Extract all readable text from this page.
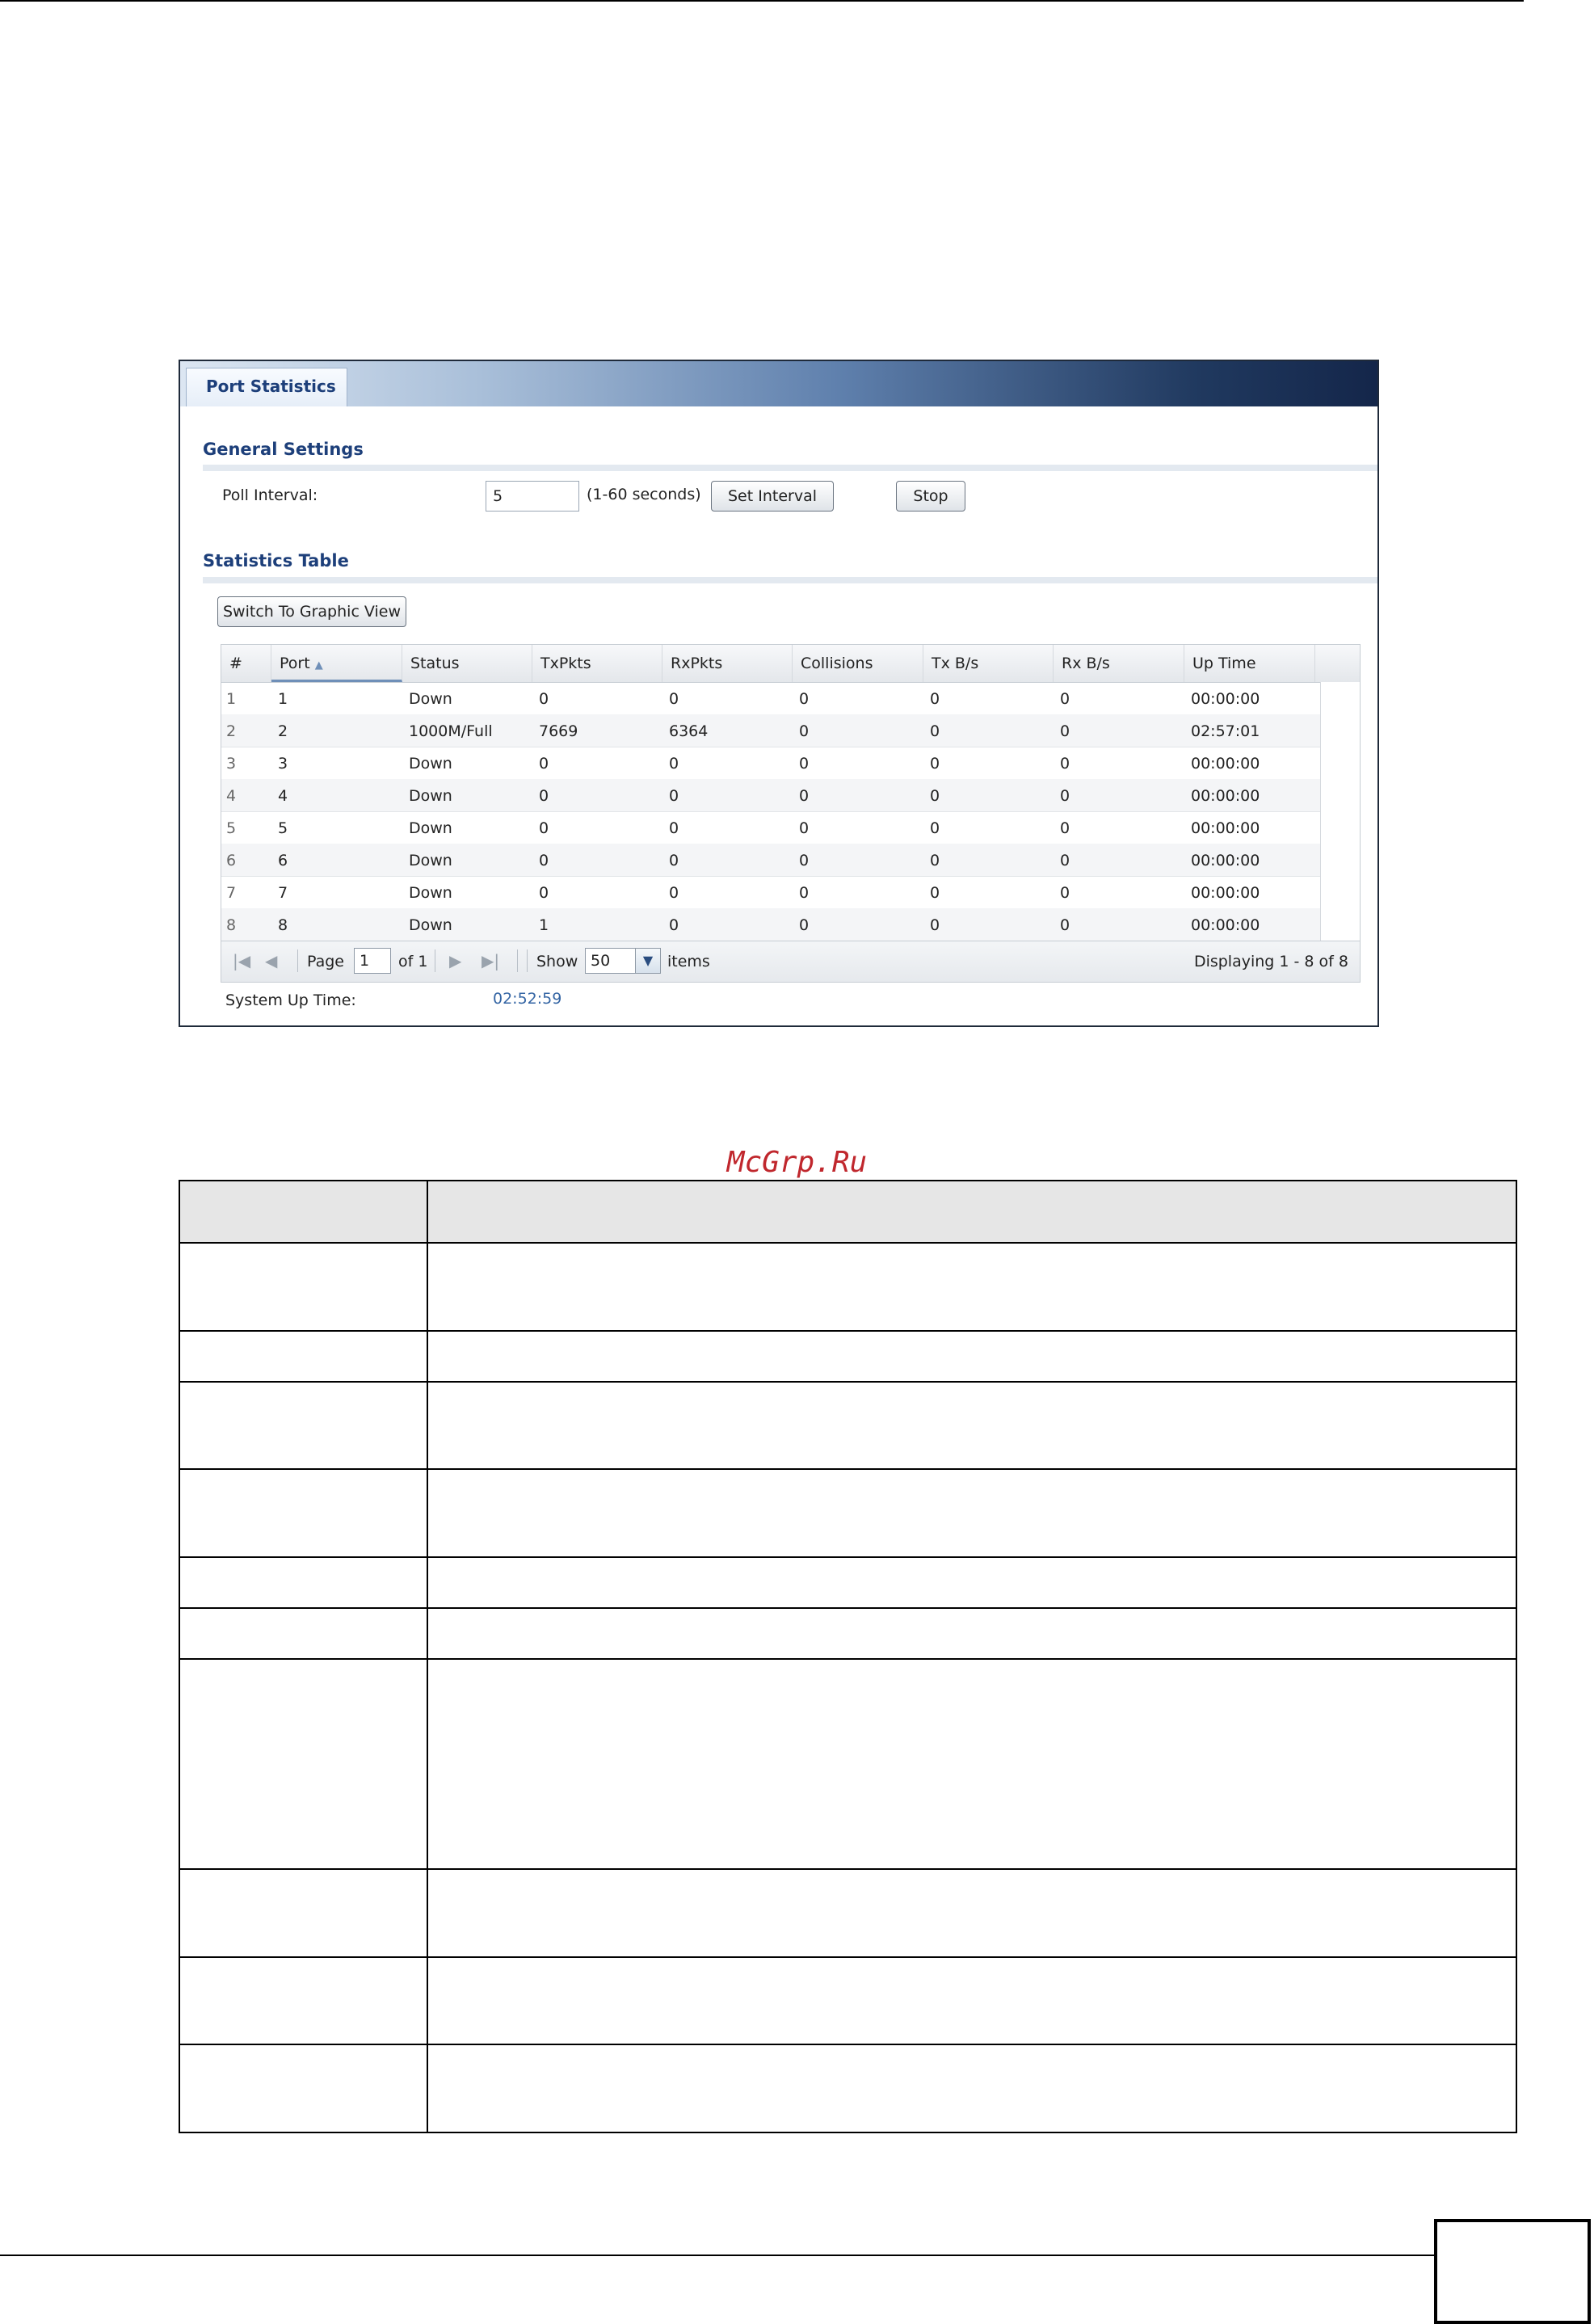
Port Statistics
General Settings
Poll Interval:	5	(1-60 seconds)	Set Interval	Stop
Statistics Table
Switch To Graphic View
#	Port ▲	Status	TxPkts	RxPkts	Collisions	Tx B/s	Rx B/s	Up Time
1	1	Down	0	0	0	0	0	00:00:00
2	2	1000M/Full	7669	6364	0	0	0	02:57:01
3	3	Down	0	0	0	0	0	00:00:00
4	4	Down	0	0	0	0	0	00:00:00
5	5	Down	0	0	0	0	0	00:00:00
6	6	Down	0	0	0	0	0	00:00:00
7	7	Down	0	0	0	0	0	00:00:00
8	8	Down	1	0	0	0	0	00:00:00
|◀ ◀ Page	1	of 1 ▶ ▶| Show 50	▼ items	Displaying 1 - 8 of 8
System Up Time:	02:52:59
McGrp.Ru
